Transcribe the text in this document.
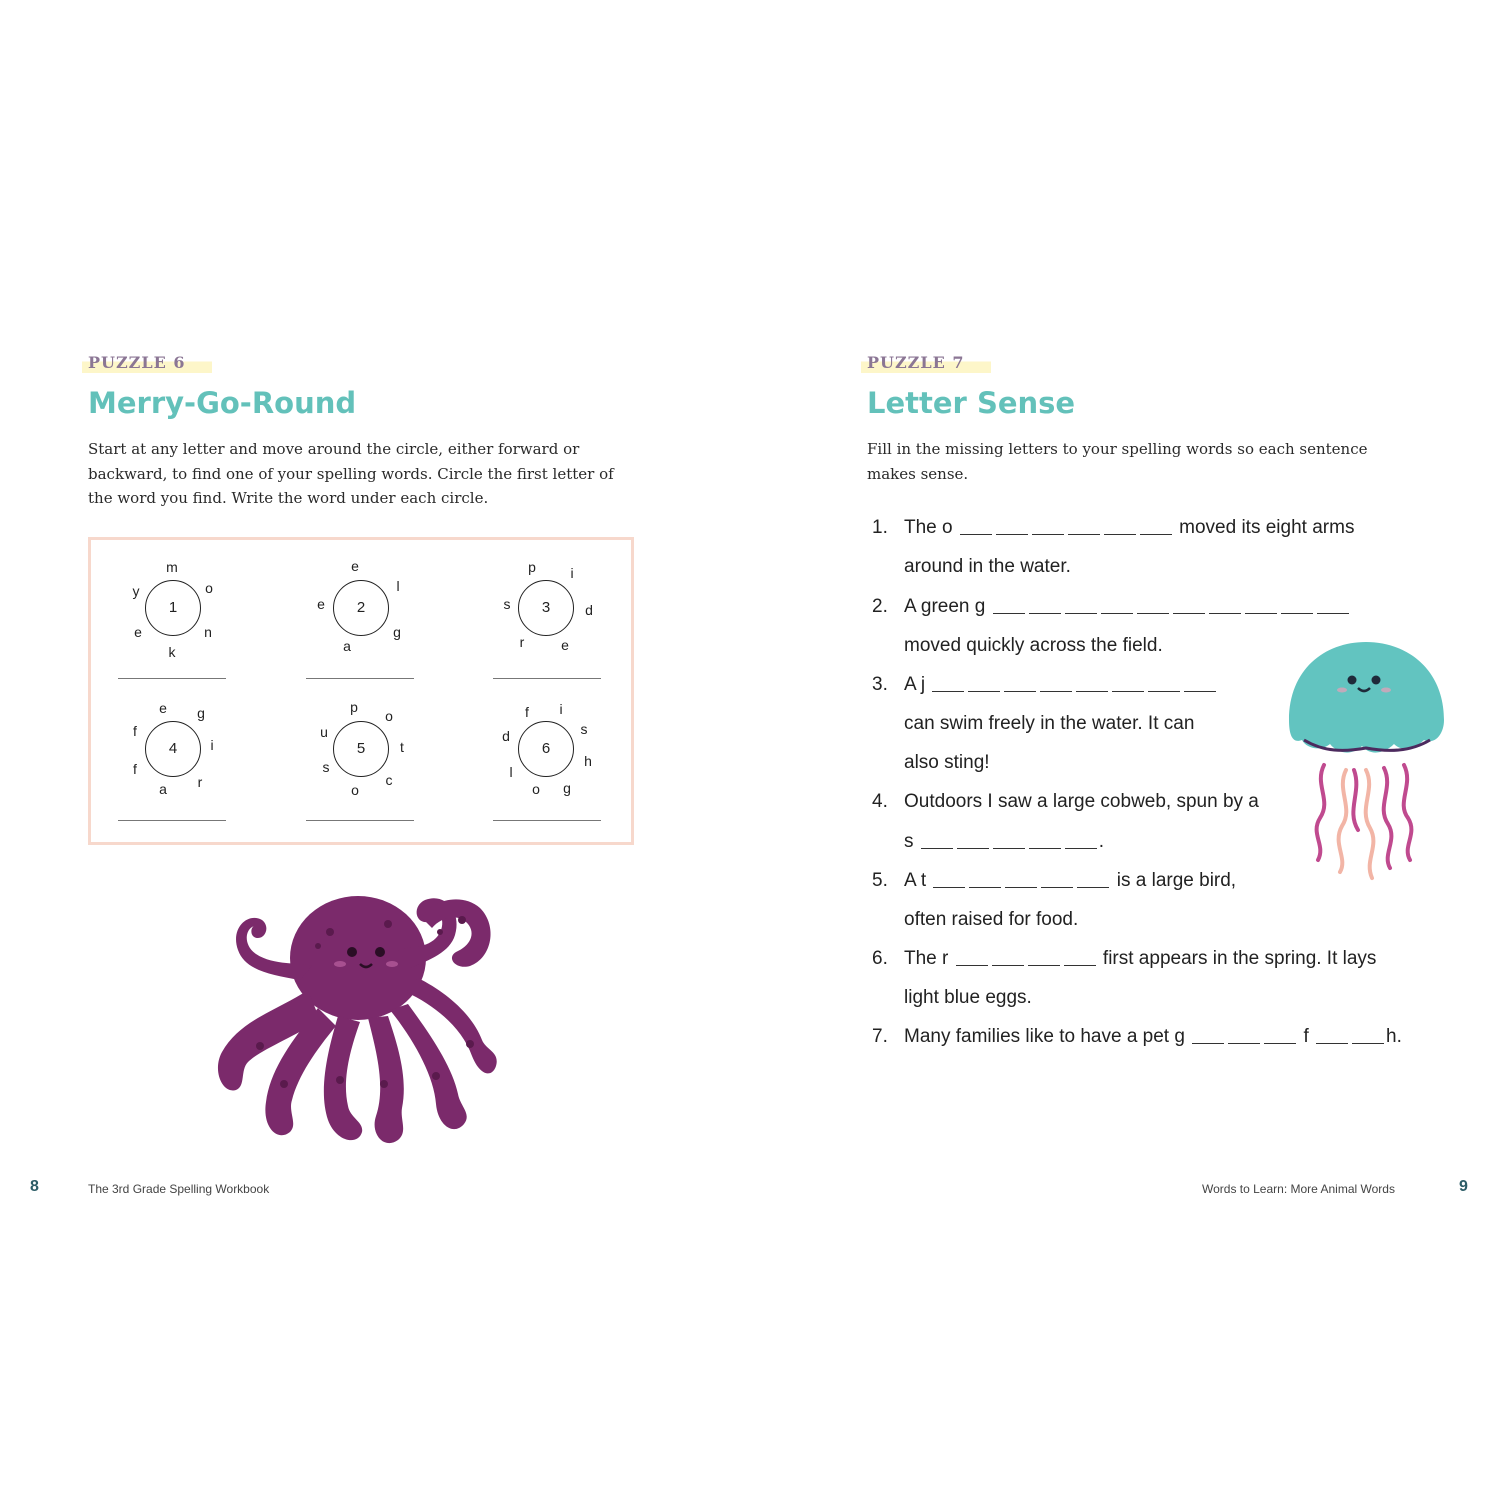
PUZZLE 6
Merry-Go-Round
Start at any letter and move around the circle, either forward or
backward, to find one of your spelling words. Circle the first letter of
the word you find. Write the word under each circle.
1
m
o
n
k
e
y
2
e
l
g
a
e	3
p	i
d
e
r
s
4
e g
i
r
a
f
f
5
p
o
t
c
o
s
u
6
f	i
s
h
g
o
l
d
8	The 3rd Grade Spelling Workbook
PUZZLE 7
Letter Sense
Fill in the missing letters to your spelling words so each sentence
makes sense.
1. The o	moved its eight arms
around in the water.
2. A green g
moved quickly across the field.
3. A j
can swim freely in the water. It can
also sting!
4. Outdoors I saw a large cobweb, spun by a
s	.
5. A t	is a large bird,
often raised for food.
6. The r	first appears in the spring. It lays
light blue eggs.
7. Many families like to have a pet g	f	h.
Words to Learn: More Animal Words	9
